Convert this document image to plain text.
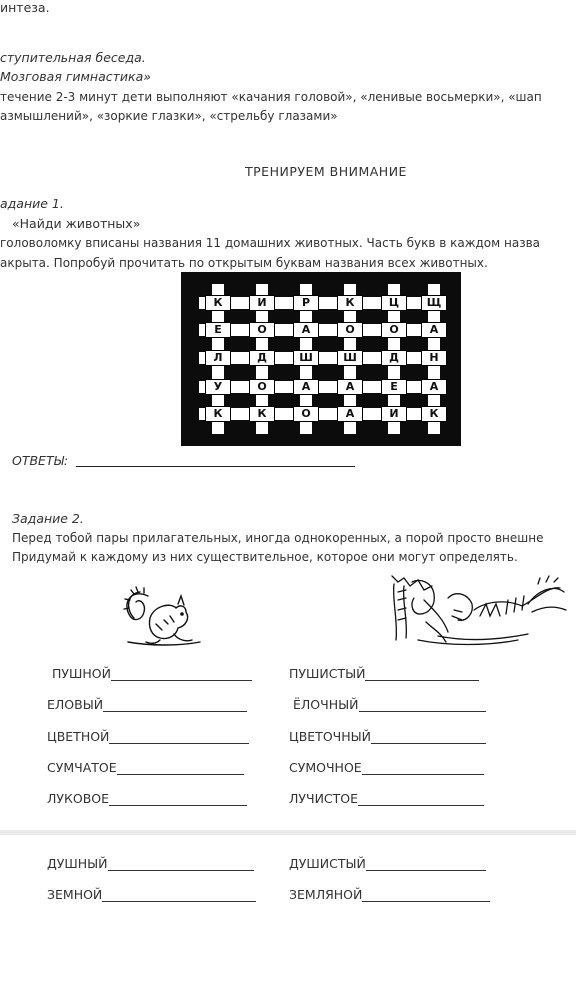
интеза.
ступительная беседа.
Мозговая гимнастика»
течение 2-3 минут дети выполняют «качания головой», «ленивые восьмерки», «шап
азмышлений», «зоркие глазки», «стрельбу глазами»
ТРЕНИРУЕМ ВНИМАНИЕ
адание 1.
«Найди животных»
головоломку вписаны названия 11 домашних животных. Часть букв в каждом назва
акрыта. Попробуй прочитать по открытым буквам названия всех животных.
К	И	Р	К	Ц	Щ
Е	О	А	О	О	А
Л	Д	Ш	Ш	Д	Н
У	О	А	А	Е	А
К	К	О	А	И	К
ОТВЕТЫ:
Задание 2.
Перед тобой пары прилагательных, иногда однокоренных, а порой просто внешне
Придумай к каждому из них существительное, которое они могут определять.
ПУШНОЙ	ПУШИСТЫЙ
ЕЛОВЫЙ	ЁЛОЧНЫЙ
ЦВЕТНОЙ	ЦВЕТОЧНЫЙ
СУМЧАТОЕ	СУМОЧНОЕ
ЛУКОВОЕ	ЛУЧИСТОЕ
ДУШНЫЙ	ДУШИСТЫЙ
ЗЕМНОЙ	ЗЕМЛЯНОЙ
